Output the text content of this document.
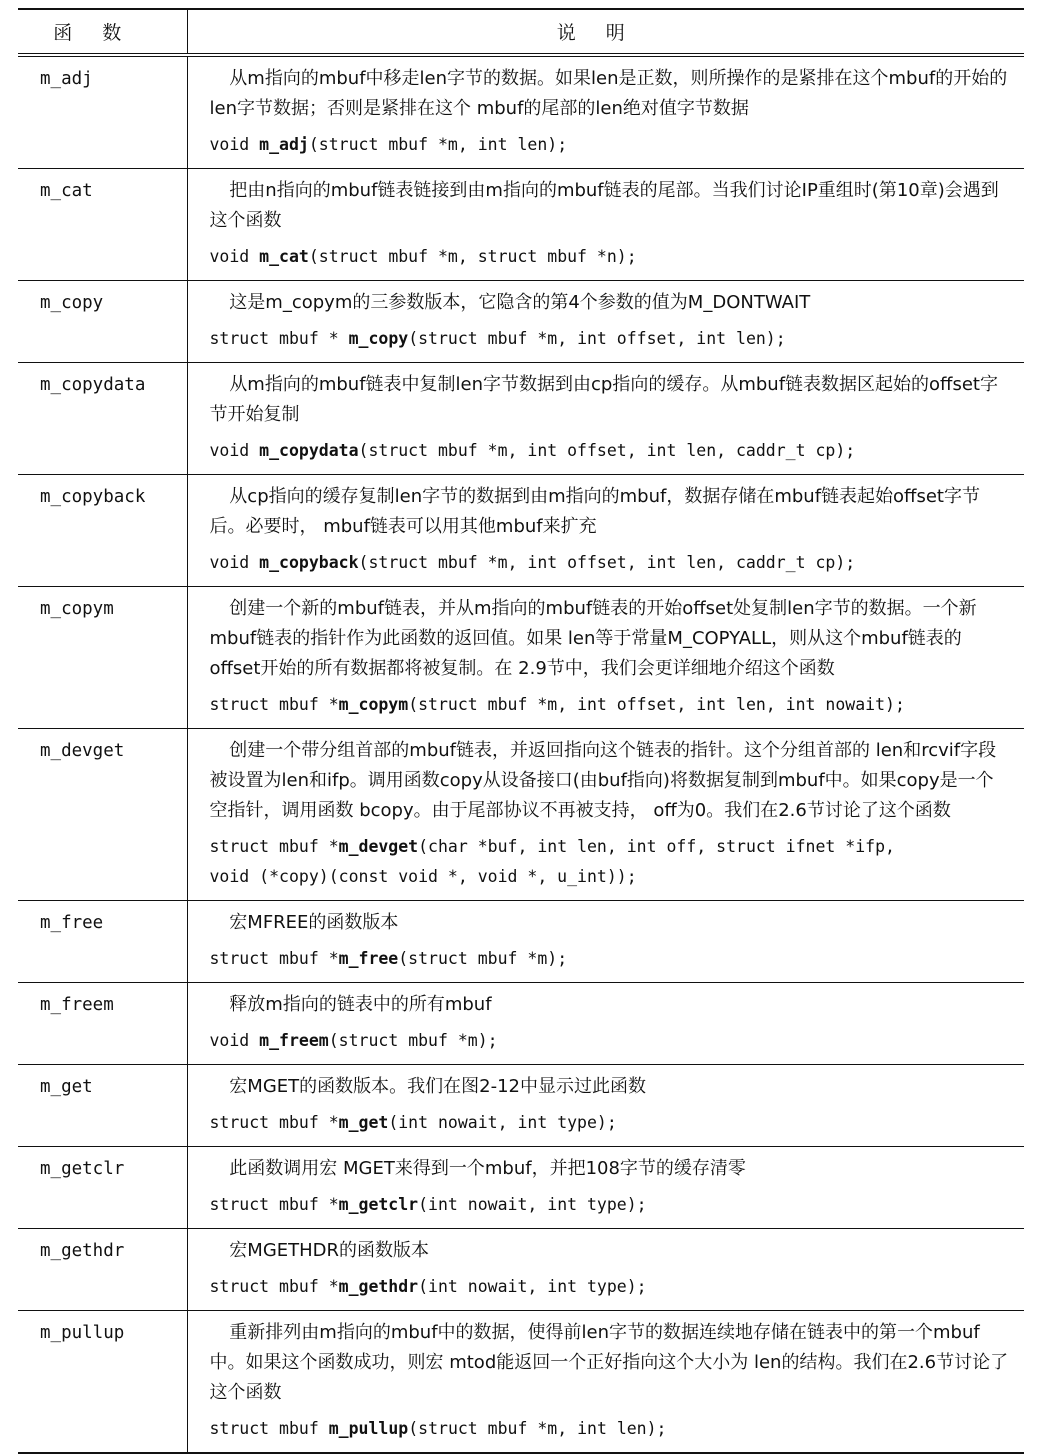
函数	说明
m_adj	从m指向的mbuf中移走len字节的数据。如果len是正数，则所操作的是紧排在这个mbuf的开始的len字节数据；否则是紧排在这个 mbuf的尾部的len绝对值字节数据

void m_adj(struct mbuf *m, int len);

m_cat	把由n指向的mbuf链表链接到由m指向的mbuf链表的尾部。当我们讨论IP重组时(第10章)会遇到这个函数

void m_cat(struct mbuf *m, struct mbuf *n);

m_copy	这是m_copym的三参数版本，它隐含的第4个参数的值为M_DONTWAIT

struct mbuf * m_copy(struct mbuf *m, int offset, int len);

m_copydata	从m指向的mbuf链表中复制len字节数据到由cp指向的缓存。从mbuf链表数据区起始的offset字节开始复制

void m_copydata(struct mbuf *m, int offset, int len, caddr_t cp);

m_copyback	从cp指向的缓存复制len字节的数据到由m指向的mbuf，数据存储在mbuf链表起始offset字节后。必要时， mbuf链表可以用其他mbuf来扩充

void m_copyback(struct mbuf *m, int offset, int len, caddr_t cp);

m_copym	创建一个新的mbuf链表，并从m指向的mbuf链表的开始offset处复制len字节的数据。一个新mbuf链表的指针作为此函数的返回值。如果 len等于常量M_COPYALL，则从这个mbuf链表的offset开始的所有数据都将被复制。在 2.9节中，我们会更详细地介绍这个函数

struct mbuf *m_copym(struct mbuf *m, int offset, int len, int nowait);

m_devget	创建一个带分组首部的mbuf链表，并返回指向这个链表的指针。这个分组首部的 len和rcvif字段被设置为len和ifp。调用函数copy从设备接口(由buf指向)将数据复制到mbuf中。如果copy是一个空指针，调用函数 bcopy。由于尾部协议不再被支持， off为0。我们在2.6节讨论了这个函数

struct mbuf *m_devget(char *buf, int len, int off, struct ifnet *ifp,
void (*copy)(const void *, void *, u_int));

m_free	宏MFREE的函数版本

struct mbuf *m_free(struct mbuf *m);

m_freem	释放m指向的链表中的所有mbuf

void m_freem(struct mbuf *m);

m_get	宏MGET的函数版本。我们在图2-12中显示过此函数

struct mbuf *m_get(int nowait, int type);

m_getclr	此函数调用宏 MGET来得到一个mbuf，并把108字节的缓存清零

struct mbuf *m_getclr(int nowait, int type);

m_gethdr	宏MGETHDR的函数版本

struct mbuf *m_gethdr(int nowait, int type);

m_pullup	重新排列由m指向的mbuf中的数据，使得前len字节的数据连续地存储在链表中的第一个mbuf中。如果这个函数成功，则宏 mtod能返回一个正好指向这个大小为 len的结构。我们在2.6节讨论了这个函数

struct mbuf m_pullup(struct mbuf *m, int len);
